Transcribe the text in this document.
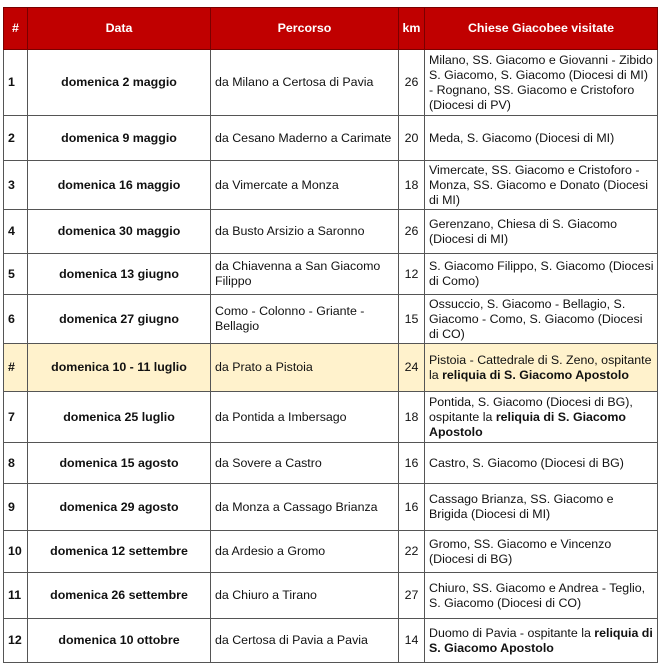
#	Data	Percorso	km	Chiese Giacobee visitate
1	domenica 2 maggio	da Milano a Certosa di Pavia	26	Milano, SS. Giacomo e Giovanni - Zibido S. Giacomo, S. Giacomo (Diocesi di MI) - Rognano, SS. Giacomo e Cristoforo (Diocesi di PV)
2	domenica 9 maggio	da Cesano Maderno a Carimate	20	Meda, S. Giacomo (Diocesi di MI)
3	domenica 16 maggio	da Vimercate a Monza	18	Vimercate, SS. Giacomo e Cristoforo - Monza, SS. Giacomo e Donato (Diocesi di MI)
4	domenica 30 maggio	da Busto Arsizio a Saronno	26	Gerenzano, Chiesa di S. Giacomo (Diocesi di MI)
5	domenica 13 giugno	da Chiavenna a San Giacomo Filippo	12	S. Giacomo Filippo, S. Giacomo (Diocesi di Como)
6	domenica 27 giugno	Como - Colonno - Griante - Bellagio	15	Ossuccio, S. Giacomo - Bellagio, S. Giacomo - Como, S. Giacomo (Diocesi di CO)
#	domenica 10 - 11 luglio	da Prato a Pistoia	24	Pistoia - Cattedrale di S. Zeno, ospitante la reliquia di S. Giacomo Apostolo
7	domenica 25 luglio	da Pontida a Imbersago	18	Pontida, S. Giacomo (Diocesi di BG), ospitante la reliquia di S. Giacomo Apostolo
8	domenica 15 agosto	da Sovere a Castro	16	Castro, S. Giacomo (Diocesi di BG)
9	domenica 29 agosto	da Monza a Cassago Brianza	16	Cassago Brianza, SS. Giacomo e Brigida (Diocesi di MI)
10	domenica 12 settembre	da Ardesio a Gromo	22	Gromo, SS. Giacomo e Vincenzo (Diocesi di BG)
11	domenica 26 settembre	da Chiuro a Tirano	27	Chiuro, SS. Giacomo e Andrea - Teglio, S. Giacomo (Diocesi di CO)
12	domenica 10 ottobre	da Certosa di Pavia a Pavia	14	Duomo di Pavia - ospitante la reliquia di S. Giacomo Apostolo
